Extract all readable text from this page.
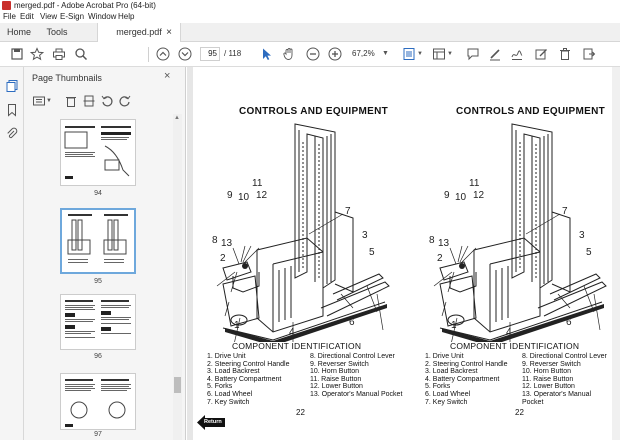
merged.pdf - Adobe Acrobat Pro (64-bit)
File Edit View E-Sign Window Help
Home	Tools	merged.pdf ×
95 / 118	67,2%	▼	▼	▼
Page Thumbnails	×
▼
94
95
96
97
▲
CONTROLS AND EQUIPMENT
1
2
3
4
5
6
7
8
9 10
11
12
13
COMPONENT IDENTIFICATION
1. Drive Unit
2. Steering Control Handle
3. Load Backrest
4. Battery Compartment
5. Forks
6. Load Wheel
7. Key Switch
8. Directional Control Lever
9. Reverser Switch
10. Horn Button
11. Raise Button
12. Lower Button
13. Operator's Manual Pocket
22
CONTROLS AND EQUIPMENT
1
2
3
4
5
6
7
8
9 10
11
12
13
COMPONENT IDENTIFICATION
1. Drive Unit
2. Steering Control Handle
3. Load Backrest
4. Battery Compartment
5. Forks
6. Load Wheel
7. Key Switch
8. Directional Control Lever
9. Reverser Switch
10. Horn Button
11. Raise Button
12. Lower Button
13. Operator's Manual Pocket
22
Return
